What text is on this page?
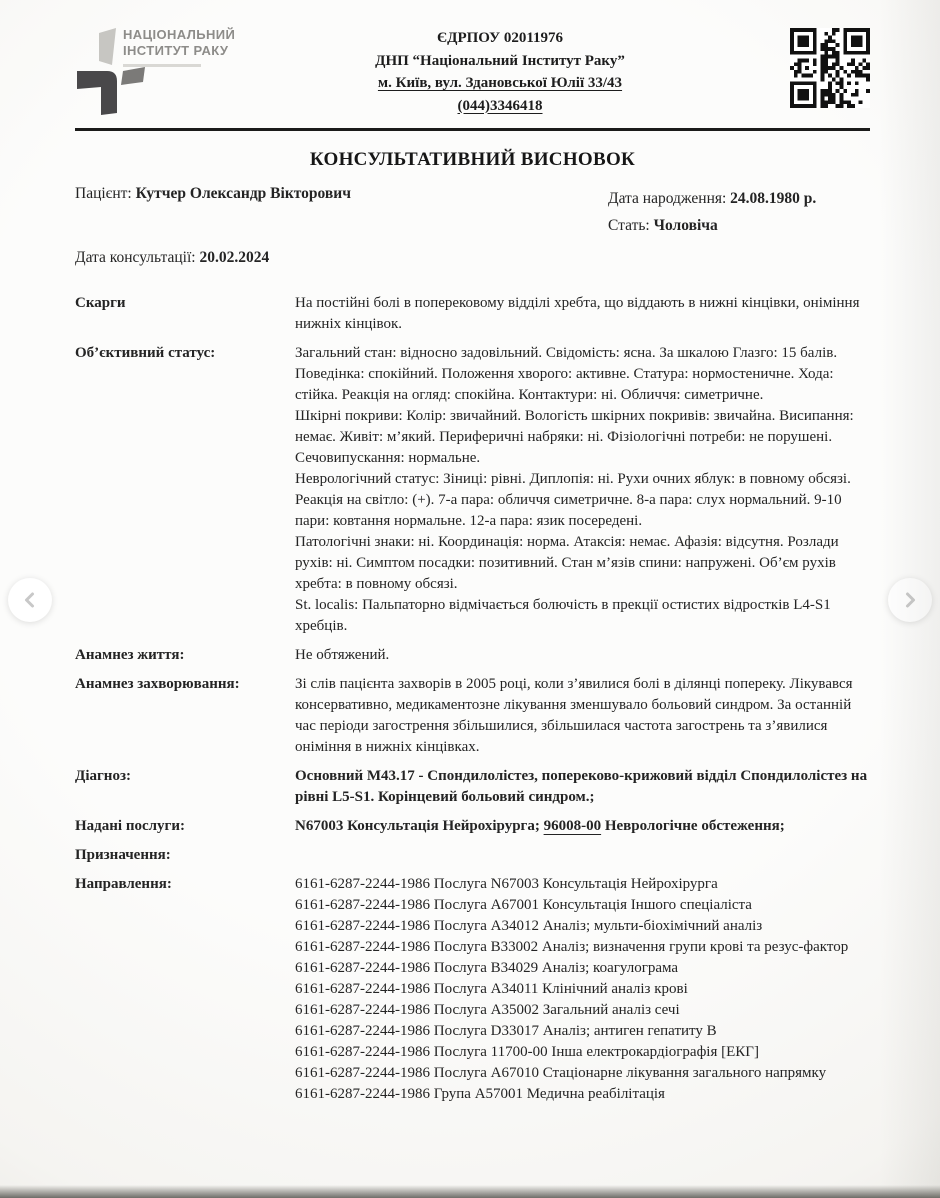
НАЦІОНАЛЬНИЙ
ІНСТИТУТ РАКУ
ЄДРПОУ 02011976
ДНП “Національний Інститут Раку”
м. Київ, вул. Здановської Юлії 33/43
(044)3346418
КОНСУЛЬТАТИВНИЙ ВИСНОВОК
Пацієнт: Кутчер Олександр Вікторович	Дата народження: 24.08.1980 р.
Стать: Чоловіча
Дата консультації: 20.02.2024
Скарги	На постійні болі в поперековому відділі хребта, що віддають в нижні кінцівки, оніміння нижніх кінцівок.
Об’єктивний статус:	Загальний стан: відносно задовільний. Свідомість: ясна. За шкалою Глазго: 15 балів. Поведінка: спокійний. Положення хворого: активне. Статура: нормостеничне. Хода: стійка. Реакція на огляд: спокійна. Контактури: ні. Обличчя: симетричне.

Шкірні покриви: Колір: звичайний. Вологість шкірних покривів: звичайна. Висипання: немає. Живіт: м’який. Периферичні набряки: ні. Фізіологічні потреби: не порушені. Сечовипускання: нормальне.

Неврологічний статус: Зіниці: рівні. Диплопія: ні. Рухи очних яблук: в повному обсязі. Реакція на світло: (+). 7-а пара: обличчя симетричне. 8-а пара: слух нормальний. 9-10 пари: ковтання нормальне. 12-а пара: язик посередені.

Патологічні знаки: ні. Координація: норма. Атаксія: немає. Афазія: відсутня. Розлади рухів: ні. Симптом посадки: позитивний. Стан м’язів спини: напружені. Об’єм рухів хребта: в повному обсязі.

St. localis: Пальпаторно відмічається болючість в прекції остистих відростків L4-S1 хребців.

Анамнез життя:	Не обтяжений.
Анамнез захворювання:	Зі слів пацієнта захворів в 2005 році, коли з’явилися болі в ділянці попереку. Лікувався консервативно, медикаментозне лікування зменшувало больовий синдром. За останній час періоди загострення збільшилися, збільшилася частота загострень та з’явилися оніміння в нижніх кінцівках.
Діагноз:	Основний M43.17 - Спондилолістез, попереково-крижовий відділ Спондилолістез на рівні L5-S1. Корінцевий больовий синдром.;
Надані послуги:	N67003 Консультація Нейрохірурга; 96008-00 Неврологічне обстеження;
Призначення:
Направлення:	6161-6287-2244-1986 Послуга N67003 Консультація Нейрохірурга
6161-6287-2244-1986 Послуга A67001 Консультація Іншого спеціаліста
6161-6287-2244-1986 Послуга A34012 Аналіз; мульти-біохімічний аналіз
6161-6287-2244-1986 Послуга B33002 Аналіз; визначення групи крові та резус-фактор
6161-6287-2244-1986 Послуга B34029 Аналіз; коагулограма
6161-6287-2244-1986 Послуга A34011 Клінічний аналіз крові
6161-6287-2244-1986 Послуга A35002 Загальний аналіз сечі
6161-6287-2244-1986 Послуга D33017 Аналіз; антиген гепатиту B
6161-6287-2244-1986 Послуга 11700-00 Інша електрокардіографія [ЕКГ]
6161-6287-2244-1986 Послуга A67010 Стаціонарне лікування загального напрямку
6161-6287-2244-1986 Група A57001 Медична реабілітація
